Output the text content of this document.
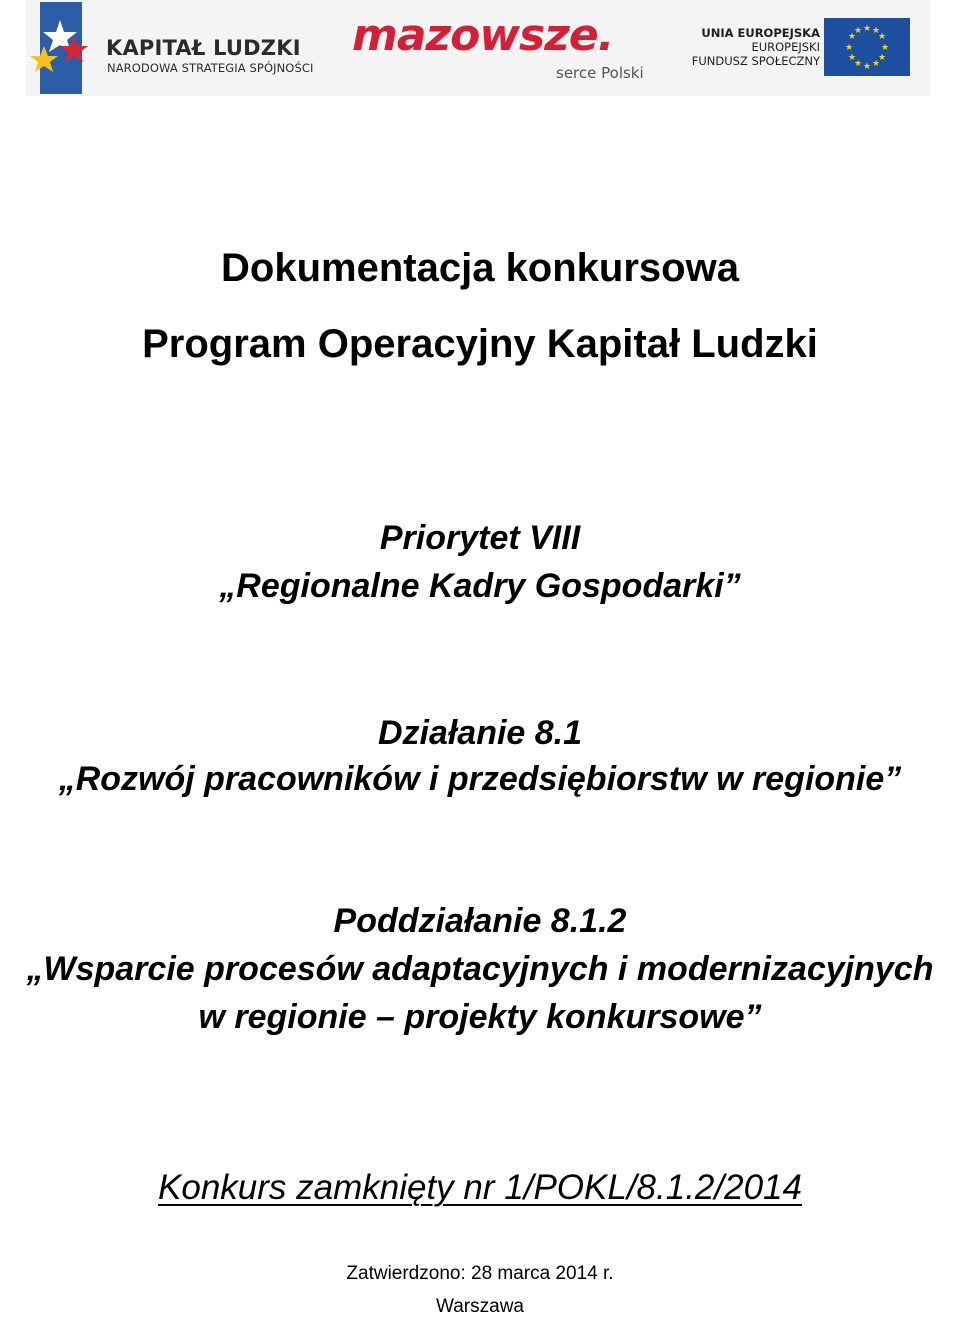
KAPITAŁ LUDZKI
NARODOWA STRATEGIA SPÓJNOŚCI
mazowsze.
serce Polski
UNIA EUROPEJSKA
EUROPEJSKI
FUNDUSZ SPOŁECZNY
★ ★
★
★
★
★
★
★
★
★
★
★
Dokumentacja konkursowa
Program Operacyjny Kapitał Ludzki
Priorytet VIII
„Regionalne Kadry Gospodarki”
Działanie 8.1
„Rozwój pracowników i przedsiębiorstw w regionie”
Poddziałanie 8.1.2
„Wsparcie procesów adaptacyjnych i modernizacyjnych
w regionie – projekty konkursowe”
Konkurs zamknięty nr 1/POKL/8.1.2/2014
Zatwierdzono: 28 marca 2014 r.
Warszawa
